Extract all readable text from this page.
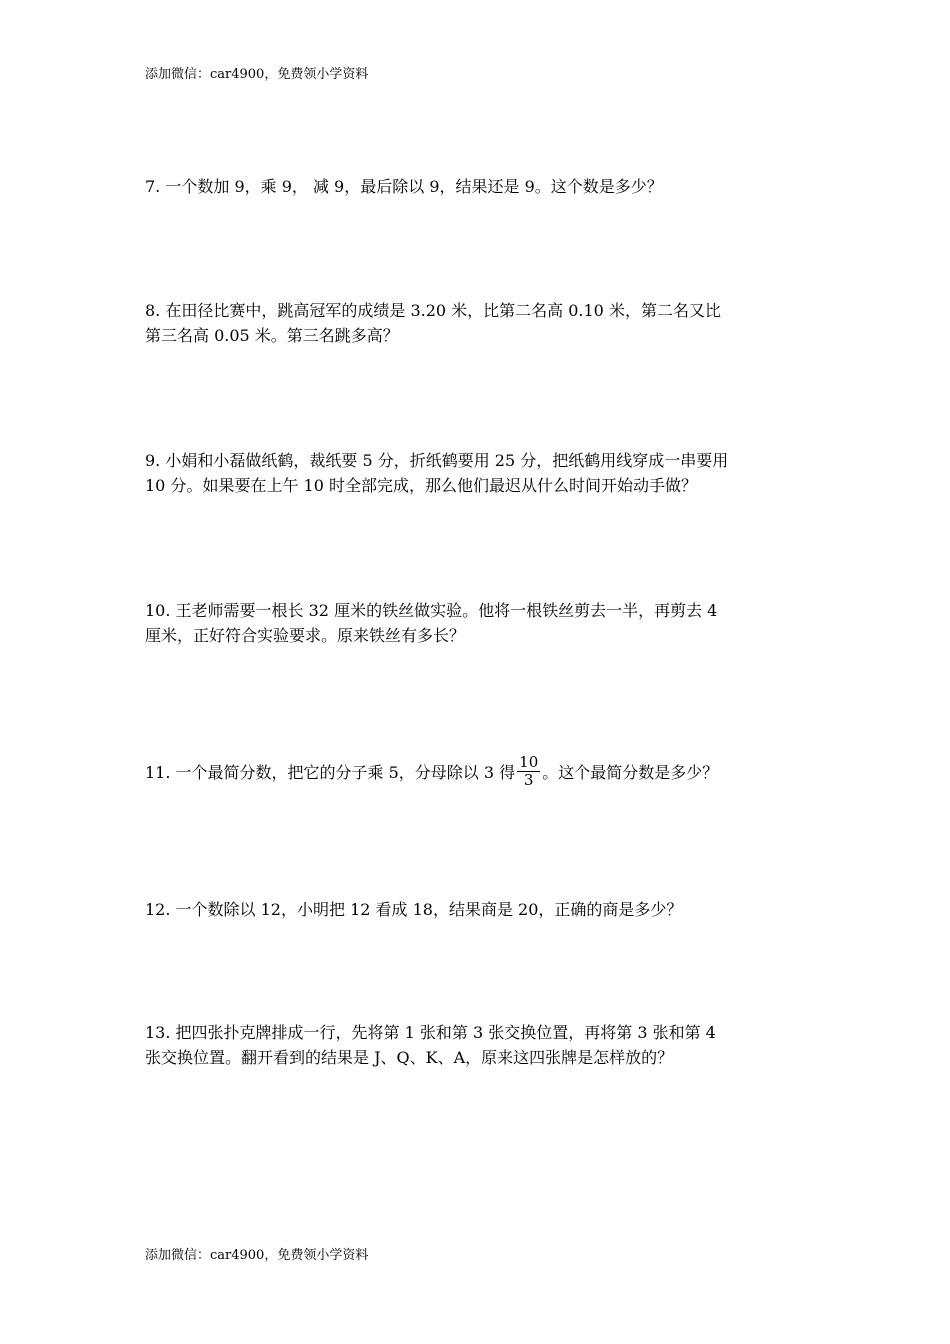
添加微信：car4900，免费领小学资料
7. 一个数加 9，乘 9， 减 9，最后除以 9，结果还是 9。这个数是多少？
8. 在田径比赛中，跳高冠军的成绩是 3.20 米，比第二名高 0.10 米，第二名又比
第三名高 0.05 米。第三名跳多高？
9. 小娟和小磊做纸鹤，裁纸要 5 分，折纸鹤要用 25 分，把纸鹤用线穿成一串要用
10 分。如果要在上午 10 时全部完成，那么他们最迟从什么时间开始动手做？
10. 王老师需要一根长 32 厘米的铁丝做实验。他将一根铁丝剪去一半，再剪去 4
厘米，正好符合实验要求。原来铁丝有多长？
11. 一个最简分数，把它的分子乘 5，分母除以 3 得 $\frac{10}{3}$ 。这个最简分数是多少？
12. 一个数除以 12，小明把 12 看成 18，结果商是 20，正确的商是多少？
13. 把四张扑克牌排成一行，先将第 1 张和第 3 张交换位置，再将第 3 张和第 4
张交换位置。翻开看到的结果是 J、Q、K、A，原来这四张牌是怎样放的？
添加微信：car4900，免费领小学资料
